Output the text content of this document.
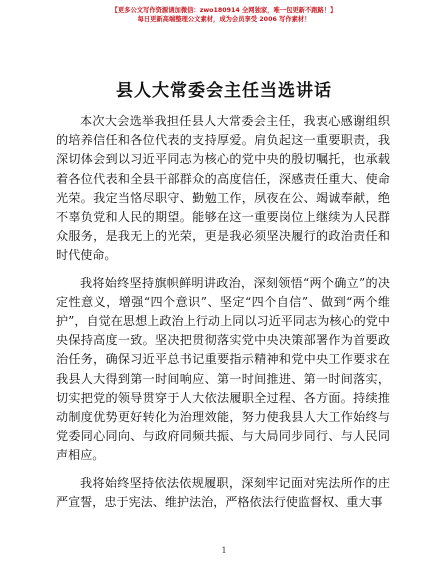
【更多公文写作资源请加微信：zwo180914 全网独家，唯一包更新不跑路！】
每日更新高端整理公文素材，成为会员享受 2006 写作素材！
县人大常委会主任当选讲话

本次大会选举我担任县人大常委会主任，我衷心感谢组织的培养信任和各位代表的支持厚爱。肩负起这一重要职责，我深切体会到以习近平同志为核心的党中央的殷切嘱托，也承载着各位代表和全县干部群众的高度信任，深感责任重大、使命光荣。我定当恪尽职守、勤勉工作，夙夜在公、竭诚奉献，绝不辜负党和人民的期望。能够在这一重要岗位上继续为人民群众服务，是我无上的光荣，更是我必须坚决履行的政治责任和时代使命。

我将始终坚持旗帜鲜明讲政治，深刻领悟“两个确立”的决定性意义，增强“四个意识”、坚定“四个自信”、做到“两个维护”，自觉在思想上政治上行动上同以习近平同志为核心的党中央保持高度一致。坚决把贯彻落实党中央决策部署作为首要政治任务，确保习近平总书记重要指示精神和党中央工作要求在我县人大得到第一时间响应、第一时间推进、第一时间落实，切实把党的领导贯穿于人大依法履职全过程、各方面。持续推动制度优势更好转化为治理效能，努力使我县人大工作始终与党委同心同向、与政府同频共振、与大局同步同行、与人民同声相应。

我将始终坚持依法依规履职，深刻牢记面对宪法所作的庄严宣誓，忠于宪法、维护法治，严格依法行使监督权、重大事

1
